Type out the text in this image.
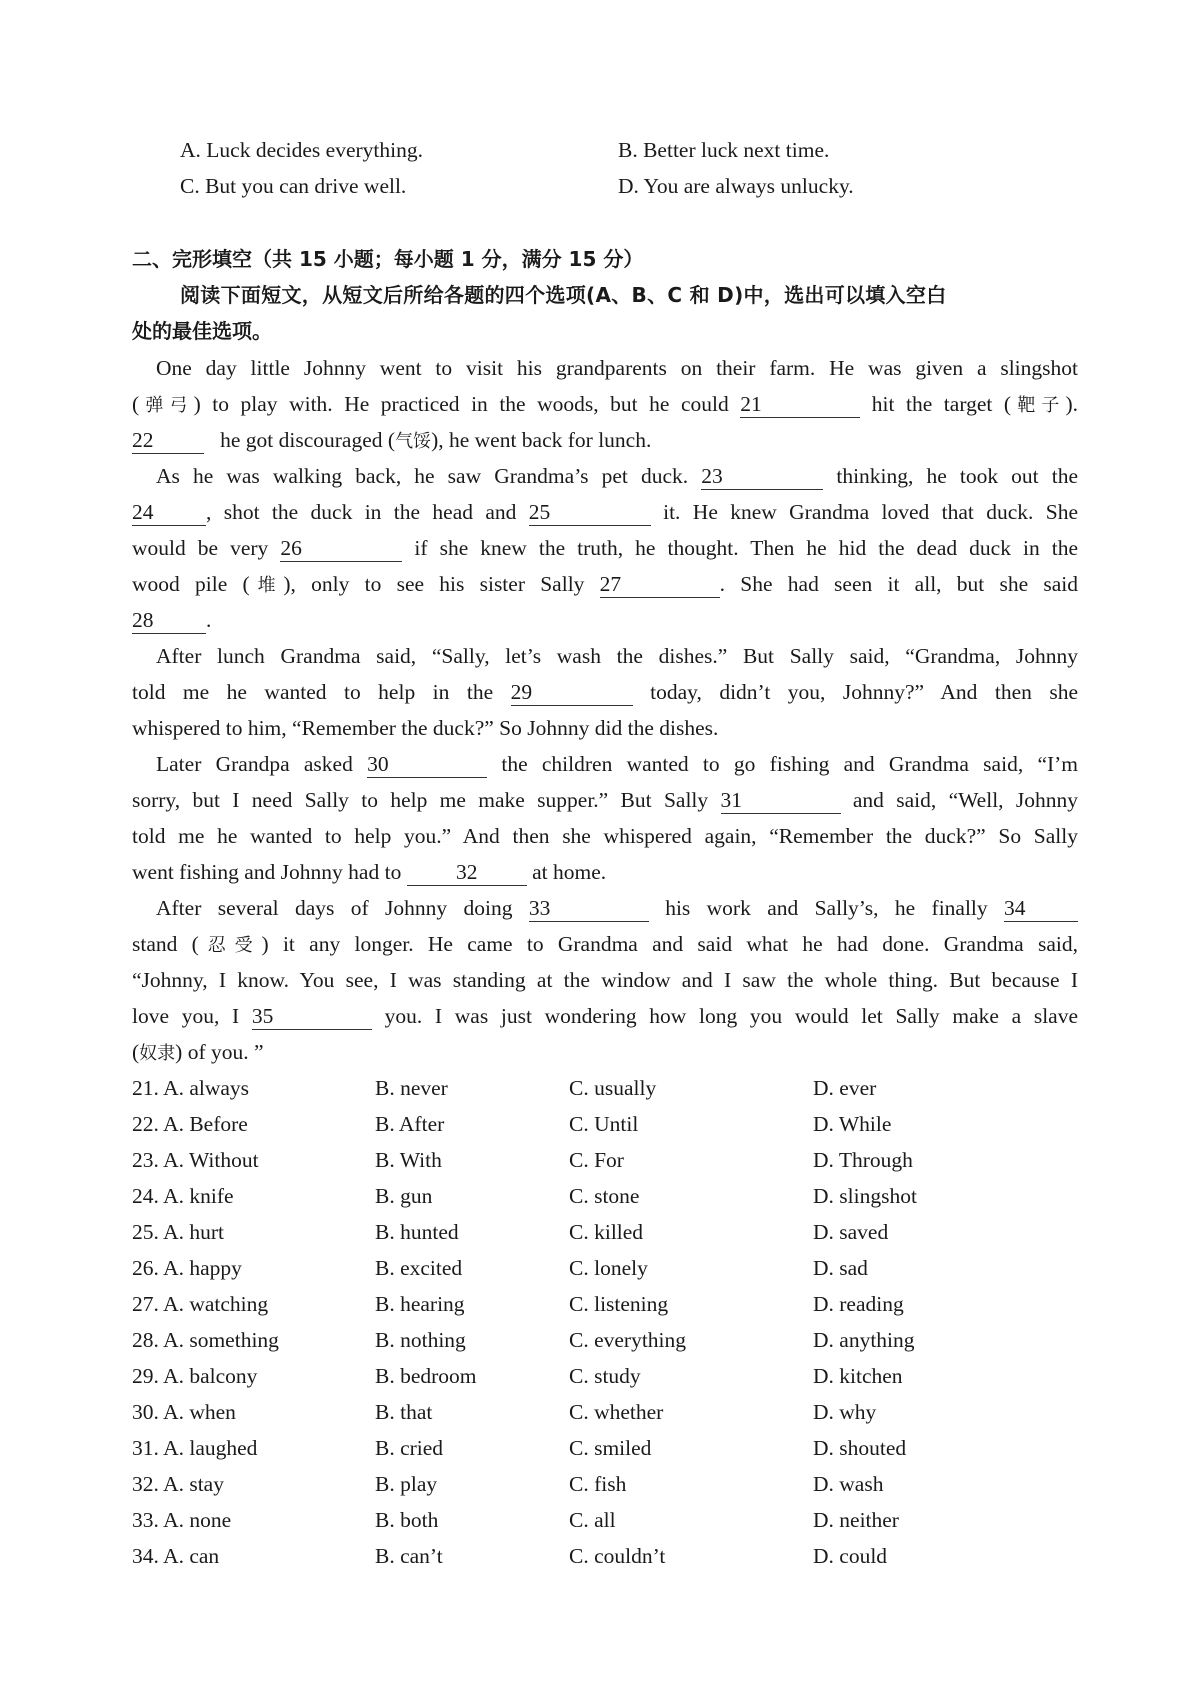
A. Luck decides everything.	B. Better luck next time.
C. But you can drive well.	D. You are always unlucky.
二、完形填空（共 15 小题；每小题 1 分，满分 15 分）
阅读下面短文，从短文后所给各题的四个选项(A、B、C 和 D)中，选出可以填入空白
处的最佳选项。
One day little Johnny went to visit his grandparents on their farm. He was given a slingshot
(弹弓) to play with. He practiced in the woods, but he could 21	hit the target (靶子).
22	he got discouraged (气馁), he went back for lunch.
As he was walking back, he saw Grandma’s pet duck. 23	thinking, he took out the
24 , shot the duck in the head and 25	it. He knew Grandma loved that duck. She
would be very 26	if she knew the truth, he thought. Then he hid the dead duck in the
wood pile (堆), only to see his sister Sally 27	. She had seen it all, but she said
28 .
After lunch Grandma said, “Sally, let’s wash the dishes.” But Sally said, “Grandma, Johnny
told me he wanted to help in the 29	today, didn’t you, Johnny?” And then she
whispered to him, “Remember the duck?” So Johnny did the dishes.
Later Grandpa asked 30	the children wanted to go fishing and Grandma said, “I’m
sorry, but I need Sally to help me make supper.” But Sally 31	and said, “Well, Johnny
told me he wanted to help you.” And then she whispered again, “Remember the duck?” So Sally
went fishing and Johnny had to	32	at home.
After several days of Johnny doing 33	his work and Sally’s, he finally 34
stand (忍受) it any longer. He came to Grandma and said what he had done. Grandma said,
“Johnny, I know. You see, I was standing at the window and I saw the whole thing. But because I
love you, I 35	you. I was just wondering how long you would let Sally make a slave
(奴隶) of you. ”
21. A. always	B. never	C. usually	D. ever
22. A. Before	B. After	C. Until	D. While
23. A. Without	B. With	C. For	D. Through
24. A. knife	B. gun	C. stone	D. slingshot
25. A. hurt	B. hunted	C. killed	D. saved
26. A. happy	B. excited	C. lonely	D. sad
27. A. watching	B. hearing	C. listening	D. reading
28. A. something	B. nothing	C. everything	D. anything
29. A. balcony	B. bedroom	C. study	D. kitchen
30. A. when	B. that	C. whether	D. why
31. A. laughed	B. cried	C. smiled	D. shouted
32. A. stay	B. play	C. fish	D. wash
33. A. none	B. both	C. all	D. neither
34. A. can	B. can’t	C. couldn’t	D. could
